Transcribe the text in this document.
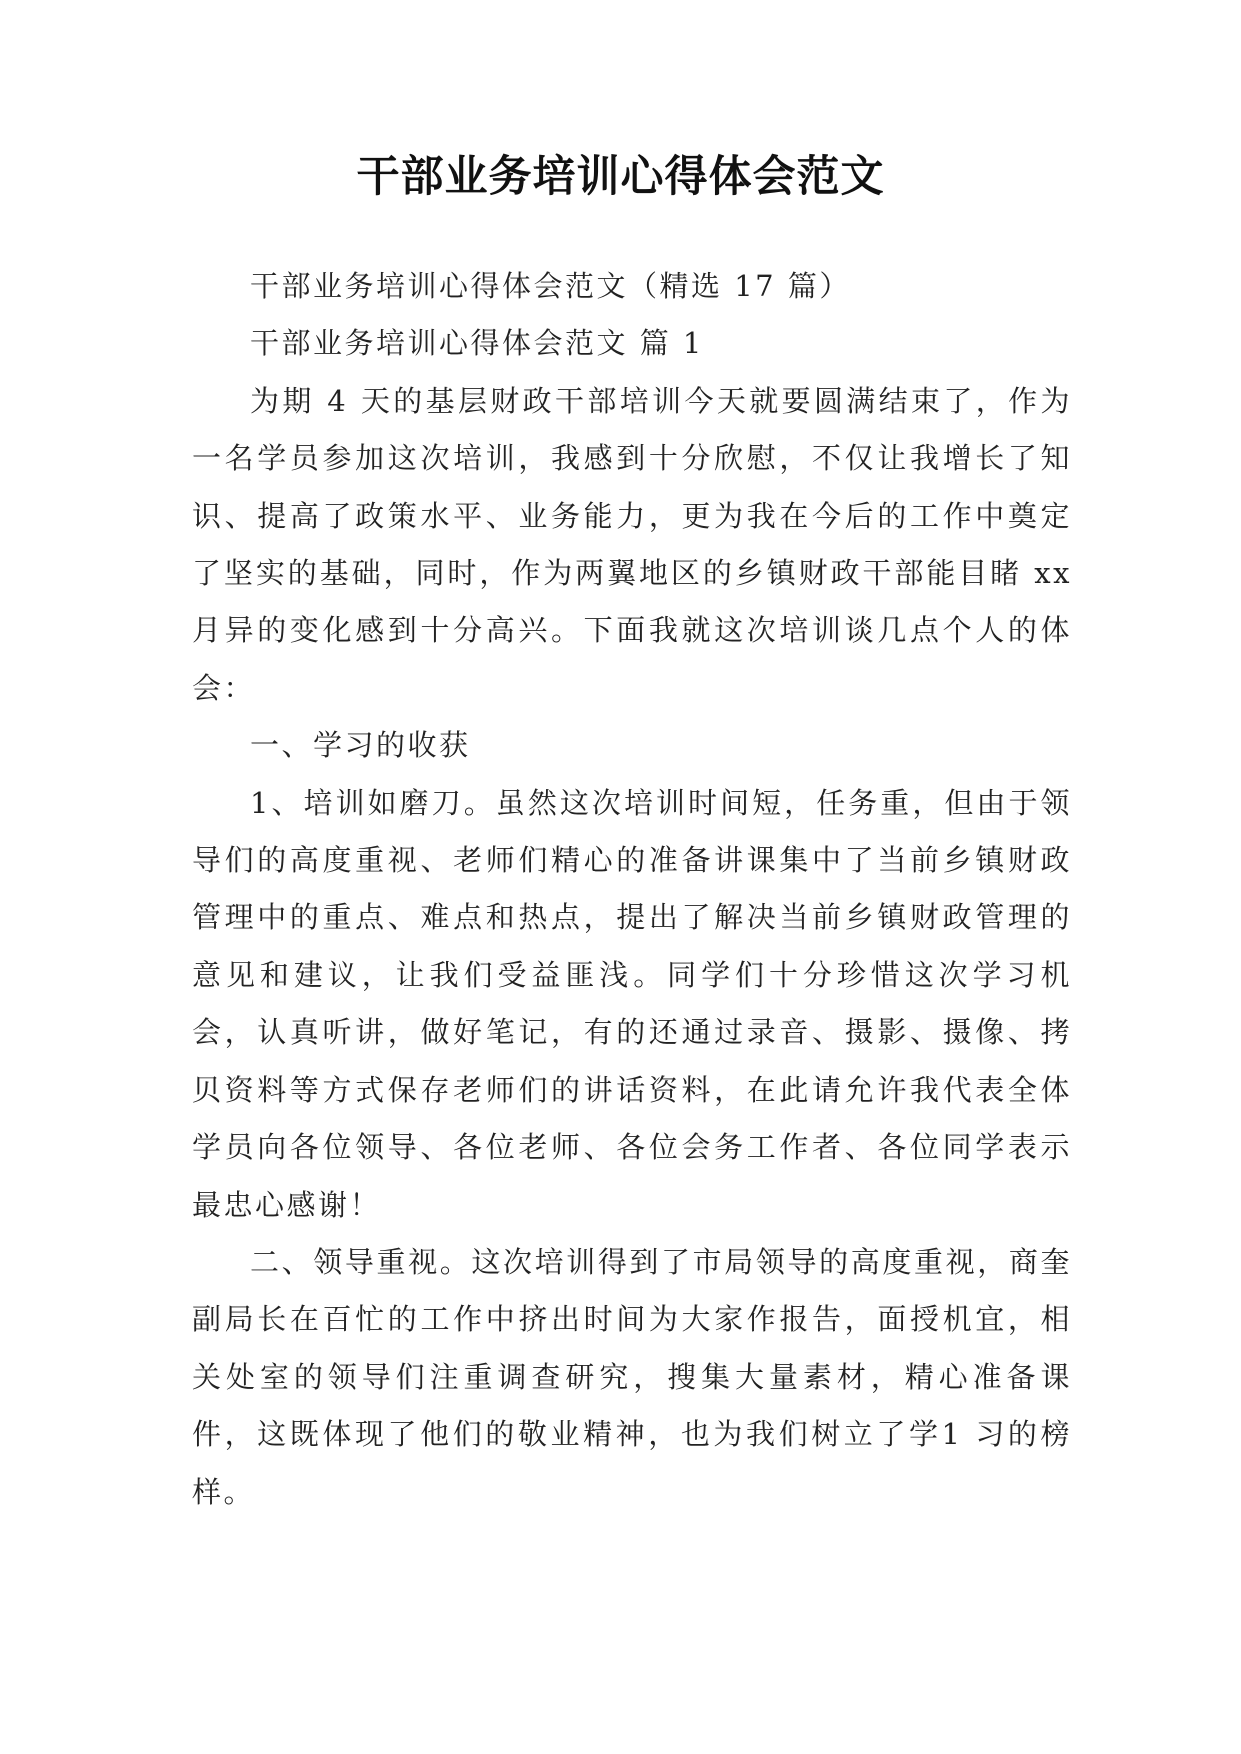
干部业务培训心得体会范文

干部业务培训心得体会范文（精选 17 篇）

干部业务培训心得体会范文 篇 1

为期 4 天的基层财政干部培训今天就要圆满结束了，作为一名学员参加这次培训，我感到十分欣慰，不仅让我增长了知识、提高了政策水平、业务能力，更为我在今后的工作中奠定了坚实的基础，同时，作为两翼地区的乡镇财政干部能目睹 xx 月异的变化感到十分高兴。下面我就这次培训谈几点个人的体会：

一、学习的收获

1、培训如磨刀。虽然这次培训时间短，任务重，但由于领导们的高度重视、老师们精心的准备讲课集中了当前乡镇财政管理中的重点、难点和热点，提出了解决当前乡镇财政管理的意见和建议，让我们受益匪浅。同学们十分珍惜这次学习机会，认真听讲，做好笔记，有的还通过录音、摄影、摄像、拷贝资料等方式保存老师们的讲话资料，在此请允许我代表全体学员向各位领导、各位老师、各位会务工作者、各位同学表示最忠心感谢！

二、领导重视。这次培训得到了市局领导的高度重视，商奎副局长在百忙的工作中挤出时间为大家作报告，面授机宜，相关处室的领导们注重调查研究，搜集大量素材，精心准备课件，这既体现了他们的敬业精神，也为我们树立了学1 习的榜样。
